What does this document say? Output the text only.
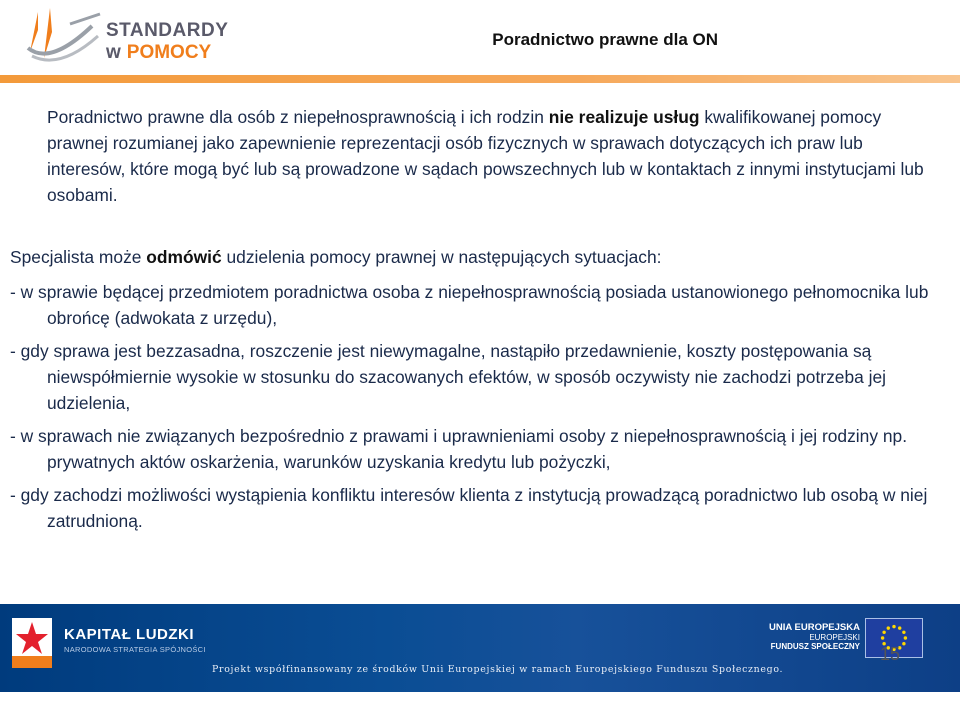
STANDARDY
w POMOCY
Poradnictwo prawne dla ON

Poradnictwo prawne dla osób z niepełnosprawnością i ich rodzin nie realizuje usług kwalifikowanej pomocy prawnej rozumianej jako zapewnienie reprezentacji osób fizycznych w sprawach dotyczących ich praw lub interesów, które mogą być lub są prowadzone w sądach powszechnych lub w kontaktach z innymi instytucjami lub osobami.

Specjalista może odmówić udzielenia pomocy prawnej w następujących sytuacjach:

- w sprawie będącej przedmiotem poradnictwa osoba z niepełnosprawnością posiada ustanowionego pełnomocnika lub obrońcę (adwokata z urzędu),

- gdy sprawa jest bezzasadna, roszczenie jest niewymagalne, nastąpiło przedawnienie, koszty postępowania są niewspółmiernie wysokie w stosunku do szacowanych efektów, w sposób oczywisty nie zachodzi potrzeba jej udzielenia,

- w sprawach nie związanych bezpośrednio z prawami i uprawnieniami osoby z niepełnosprawnością i jej rodziny np. prywatnych aktów oskarżenia, warunków uzyskania kredytu lub pożyczki,

- gdy zachodzi możliwości wystąpienia konfliktu interesów klienta z instytucją prowadzącą poradnictwo lub osobą w niej zatrudnioną.

KAPITAŁ LUDZKI
NARODOWA STRATEGIA SPÓJNOŚCI
Projekt współfinansowany ze środków Unii Europejskiej w ramach Europejskiego Funduszu Społecznego.
UNIA EUROPEJSKA
EUROPEJSKI
FUNDUSZ SPOŁECZNY 15
